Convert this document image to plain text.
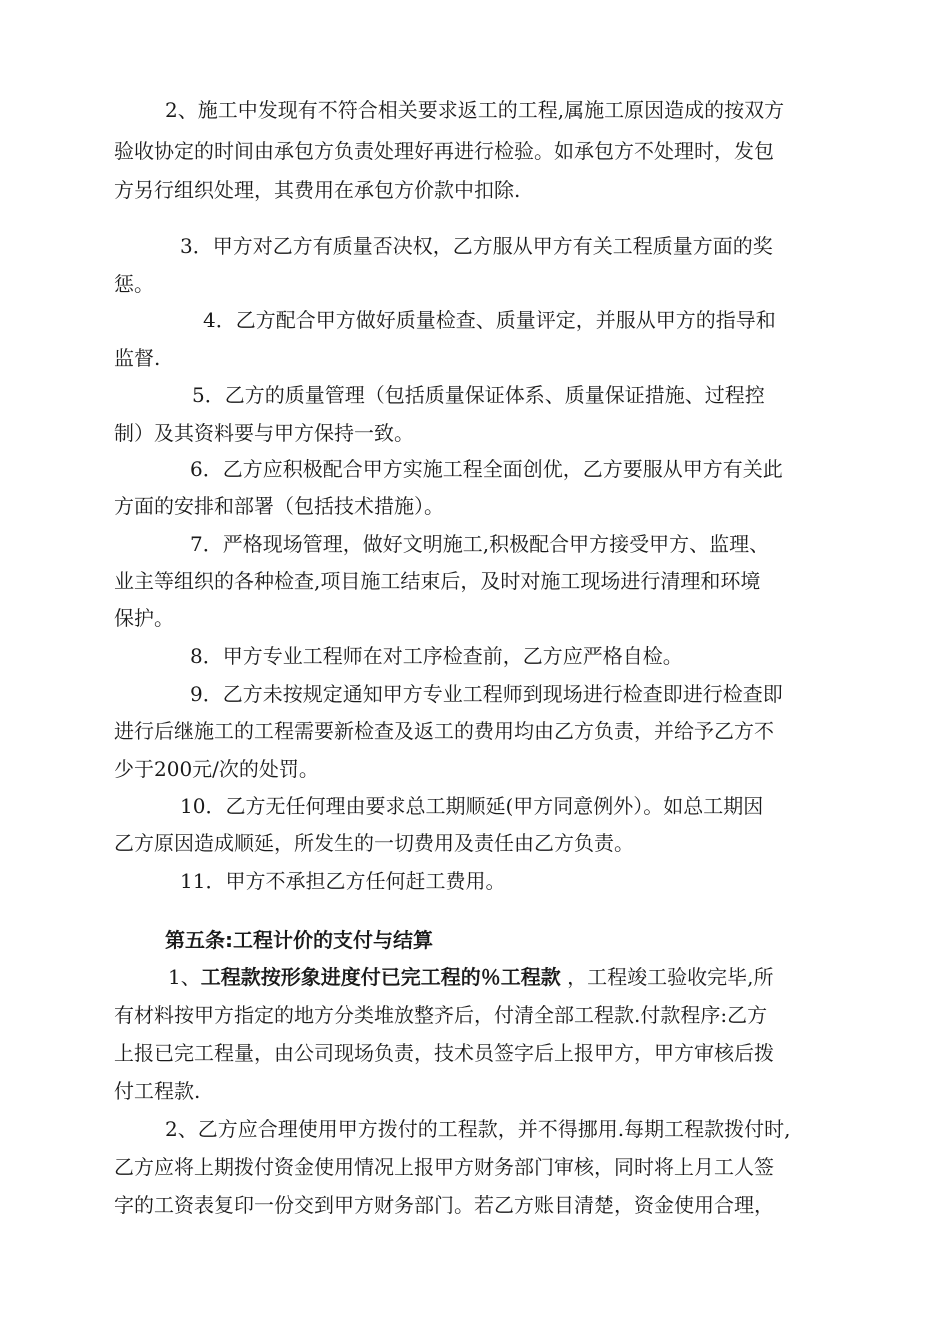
2、施工中发现有不符合相关要求返工的工程,属施工原因造成的按双方
验收协定的时间由承包方负责处理好再进行检验。如承包方不处理时，发包
方另行组织处理，其费用在承包方价款中扣除.
3．甲方对乙方有质量否决权，乙方服从甲方有关工程质量方面的奖
惩。
4．乙方配合甲方做好质量检查、质量评定，并服从甲方的指导和
监督.
5．乙方的质量管理（包括质量保证体系、质量保证措施、过程控
制）及其资料要与甲方保持一致。
6．乙方应积极配合甲方实施工程全面创优，乙方要服从甲方有关此
方面的安排和部署（包括技术措施）。
7．严格现场管理，做好文明施工,积极配合甲方接受甲方、监理、
业主等组织的各种检查,项目施工结束后，及时对施工现场进行清理和环境
保护。
8．甲方专业工程师在对工序检查前，乙方应严格自检。
9．乙方未按规定通知甲方专业工程师到现场进行检查即进行检查即
进行后继施工的工程需要新检查及返工的费用均由乙方负责，并给予乙方不
少于200元/次的处罚。
10．乙方无任何理由要求总工期顺延(甲方同意例外）。如总工期因
乙方原因造成顺延，所发生的一切费用及责任由乙方负责。
11．甲方不承担乙方任何赶工费用。
第五条:工程计价的支付与结算
1、工程款按形象进度付已完工程的％工程款 ，工程竣工验收完毕,所
有材料按甲方指定的地方分类堆放整齐后，付清全部工程款.付款程序:乙方
上报已完工程量，由公司现场负责，技术员签字后上报甲方，甲方审核后拨
付工程款.
2、乙方应合理使用甲方拨付的工程款，并不得挪用.每期工程款拨付时,
乙方应将上期拨付资金使用情况上报甲方财务部门审核，同时将上月工人签
字的工资表复印一份交到甲方财务部门。若乙方账目清楚，资金使用合理，
